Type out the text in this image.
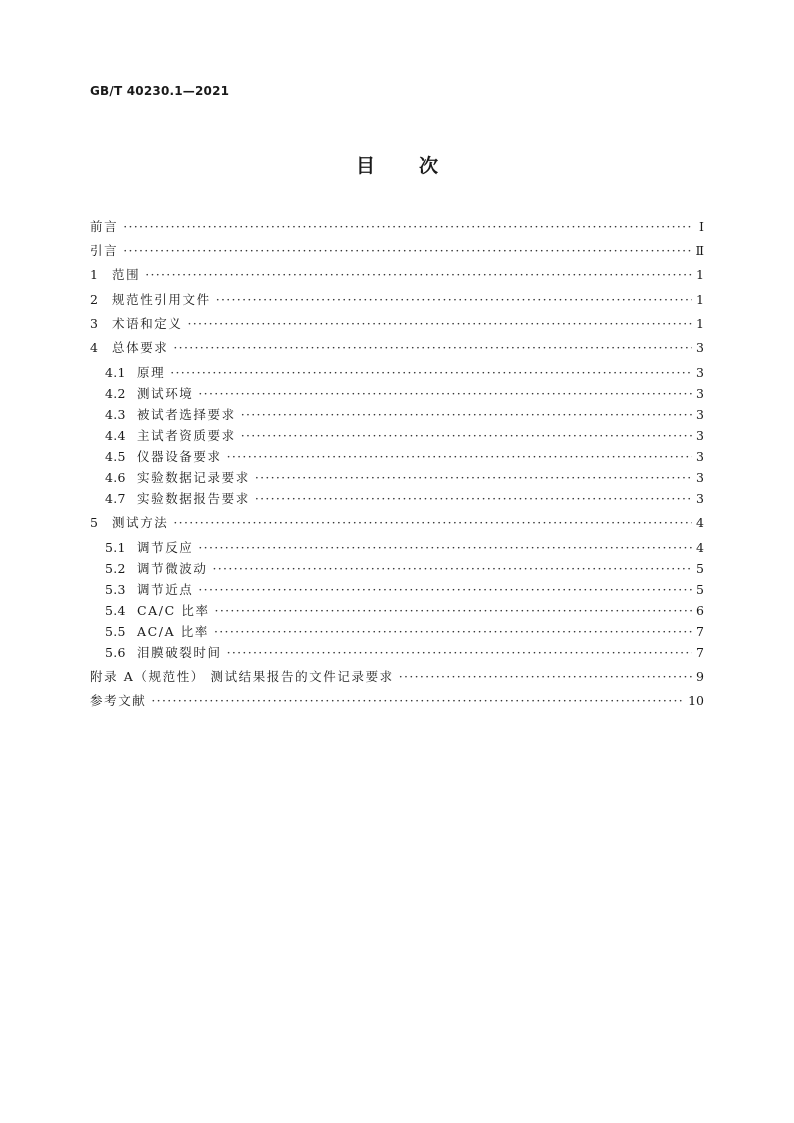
GB/T 40230.1—2021
目 次
前言 ·····	Ⅰ
引言 ·····	Ⅱ
1	范围 ·····	1
2	规范性引用文件 ·····	1
3	术语和定义 ·····	1
4	总体要求 ·····	3
4.1 原理 ·····	3
4.2 测试环境 ·····	3
4.3 被试者选择要求 ·····	3
4.4 主试者资质要求 ·····	3
4.5 仪器设备要求 ·····	3
4.6 实验数据记录要求 ·····	3
4.7 实验数据报告要求 ·····	3
5	测试方法 ·····	4
5.1 调节反应 ·····	4
5.2 调节微波动 ·····	5
5.3 调节近点 ·····	5
5.4 CA/C 比率 ·····	6
5.5 AC/A 比率 ·····	7
5.6 泪膜破裂时间 ·····	7
附录 A（规范性） 测试结果报告的文件记录要求 ·····	9
参考文献 ·····	10
